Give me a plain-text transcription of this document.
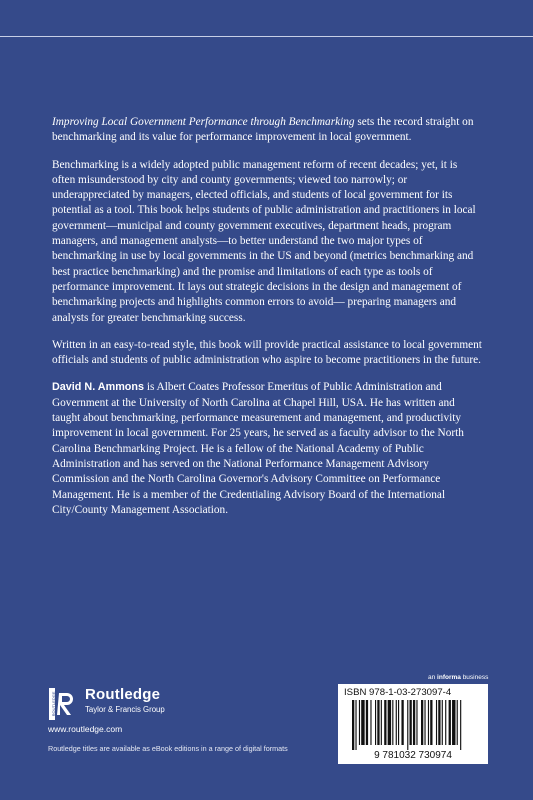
Improving Local Government Performance through Benchmarking sets the record straight on benchmarking and its value for performance improvement in local government.

Benchmarking is a widely adopted public management reform of recent decades; yet, it is often misunderstood by city and county governments; viewed too narrowly; or underappreciated by managers, elected officials, and students of local government for its potential as a tool. This book helps students of public administration and practitioners in local government—municipal and county government executives, department heads, program managers, and management analysts—to better understand the two major types of benchmarking in use by local governments in the US and beyond (metrics benchmarking and best practice benchmarking) and the promise and limitations of each type as tools of performance improvement. It lays out strategic decisions in the design and management of benchmarking projects and highlights common errors to avoid— preparing managers and analysts for greater benchmarking success.

Written in an easy-to-read style, this book will provide practical assistance to local government officials and students of public administration who aspire to become practitioners in the future.

David N. Ammons is Albert Coates Professor Emeritus of Public Administration and Government at the University of North Carolina at Chapel Hill, USA. He has written and taught about benchmarking, performance measurement and management, and productivity improvement in local government. For 25 years, he served as a faculty advisor to the North Carolina Benchmarking Project. He is a fellow of the National Academy of Public Administration and has served on the National Performance Management Advisory Commission and the North Carolina Governor's Advisory Committee on Performance Management. He is a member of the Credentialing Advisory Board of the International City/County Management Association.

ROUTLEDGE Routledge
Taylor & Francis Group
www.routledge.com
Routledge titles are available as eBook editions in a range of digital formats
an informa business
ISBN 978-1-03-273097-4
9 781032 730974
